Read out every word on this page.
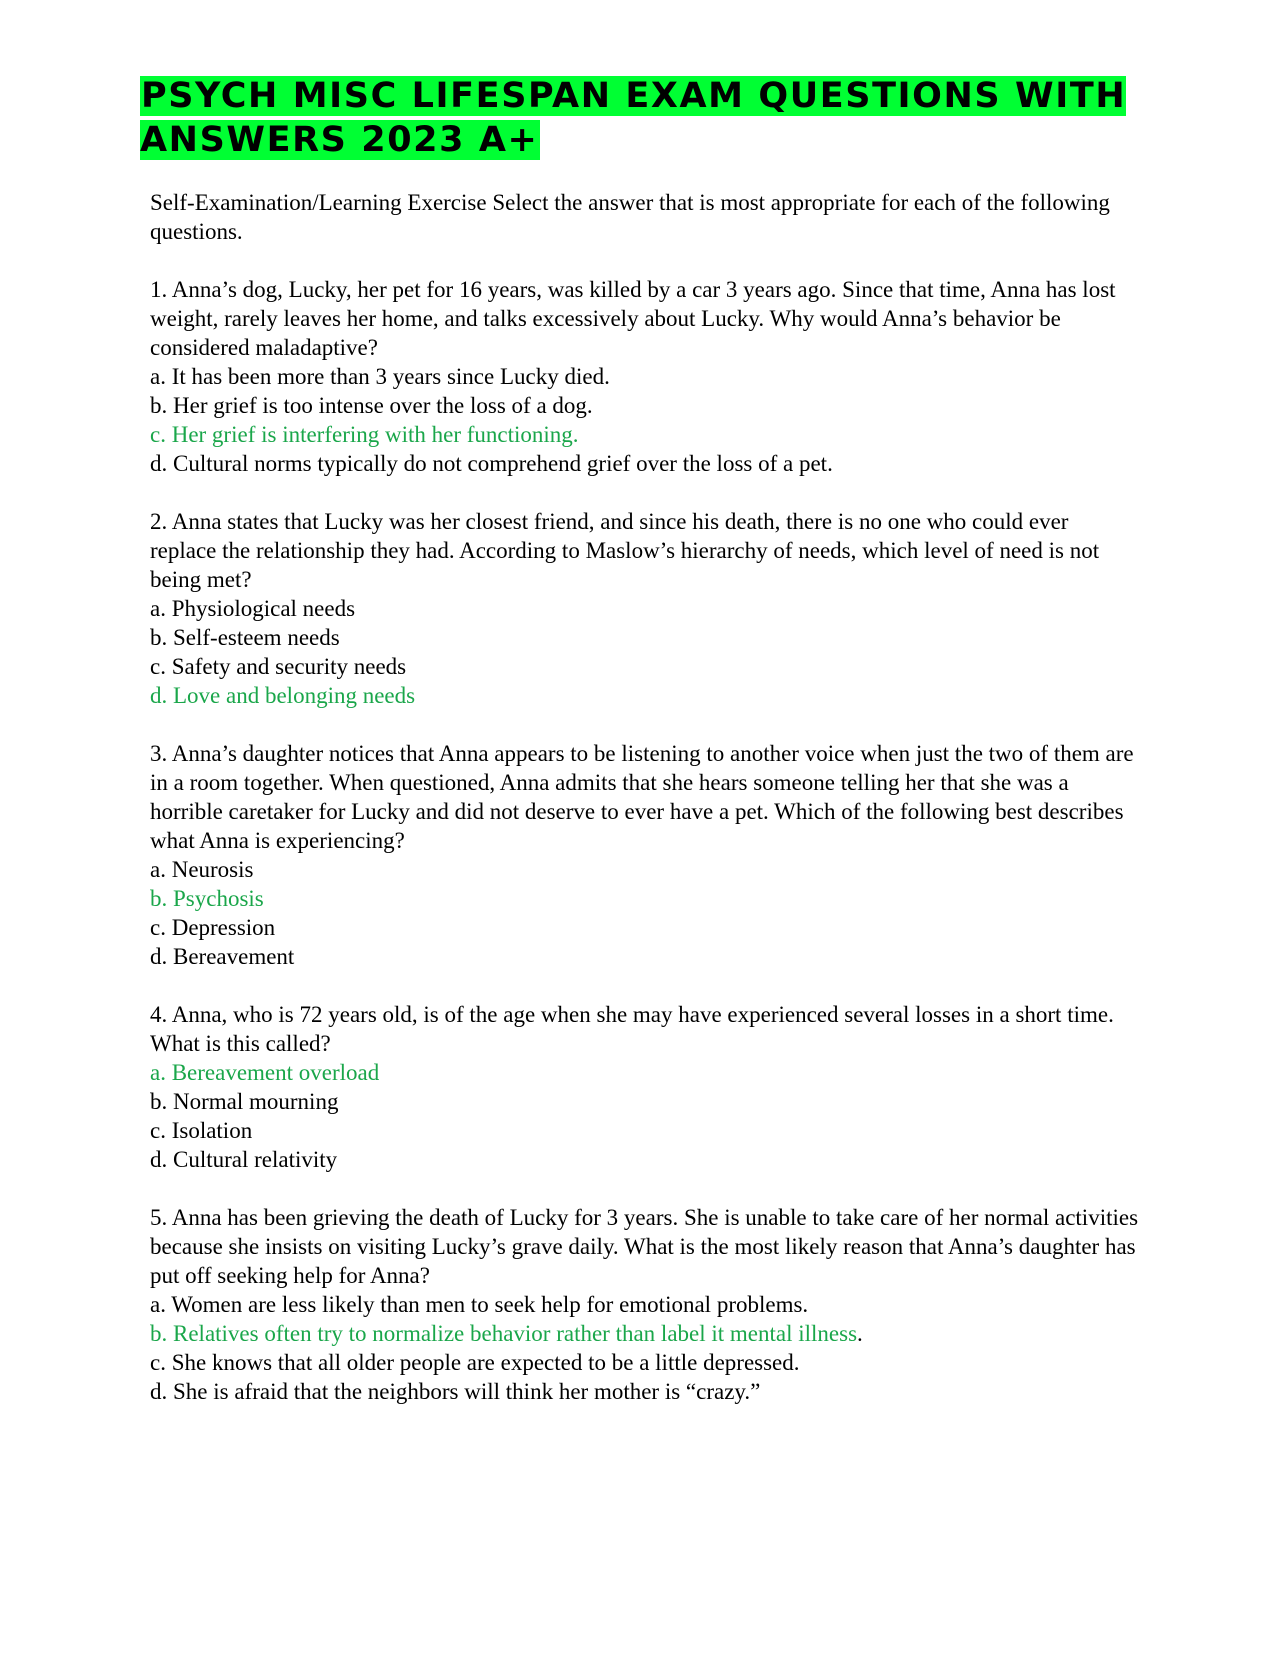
PSYCH MISC LIFESPAN EXAM QUESTIONS WITH ANSWERS 2023 A+

Self-Examination/Learning Exercise Select the answer that is most appropriate for each of the following questions.

1. Anna’s dog, Lucky, her pet for 16 years, was killed by a car 3 years ago. Since that time, Anna has lost weight, rarely leaves her home, and talks excessively about Lucky. Why would Anna’s behavior be considered maladaptive?

a. It has been more than 3 years since Lucky died.
b. Her grief is too intense over the loss of a dog.
c. Her grief is interfering with her functioning.
d. Cultural norms typically do not comprehend grief over the loss of a pet.

2. Anna states that Lucky was her closest friend, and since his death, there is no one who could ever replace the relationship they had. According to Maslow’s hierarchy of needs, which level of need is not being met?

a. Physiological needs
b. Self-esteem needs
c. Safety and security needs
d. Love and belonging needs

3. Anna’s daughter notices that Anna appears to be listening to another voice when just the two of them are in a room together. When questioned, Anna admits that she hears someone telling her that she was a horrible caretaker for Lucky and did not deserve to ever have a pet. Which of the following best describes what Anna is experiencing?

a. Neurosis
b. Psychosis
c. Depression
d. Bereavement

4. Anna, who is 72 years old, is of the age when she may have experienced several losses in a short time. What is this called?

a. Bereavement overload
b. Normal mourning
c. Isolation
d. Cultural relativity

5. Anna has been grieving the death of Lucky for 3 years. She is unable to take care of her normal activities because she insists on visiting Lucky’s grave daily. What is the most likely reason that Anna’s daughter has put off seeking help for Anna?

a. Women are less likely than men to seek help for emotional problems.
b. Relatives often try to normalize behavior rather than label it mental illness.
c. She knows that all older people are expected to be a little depressed.
d. She is afraid that the neighbors will think her mother is “crazy.”
